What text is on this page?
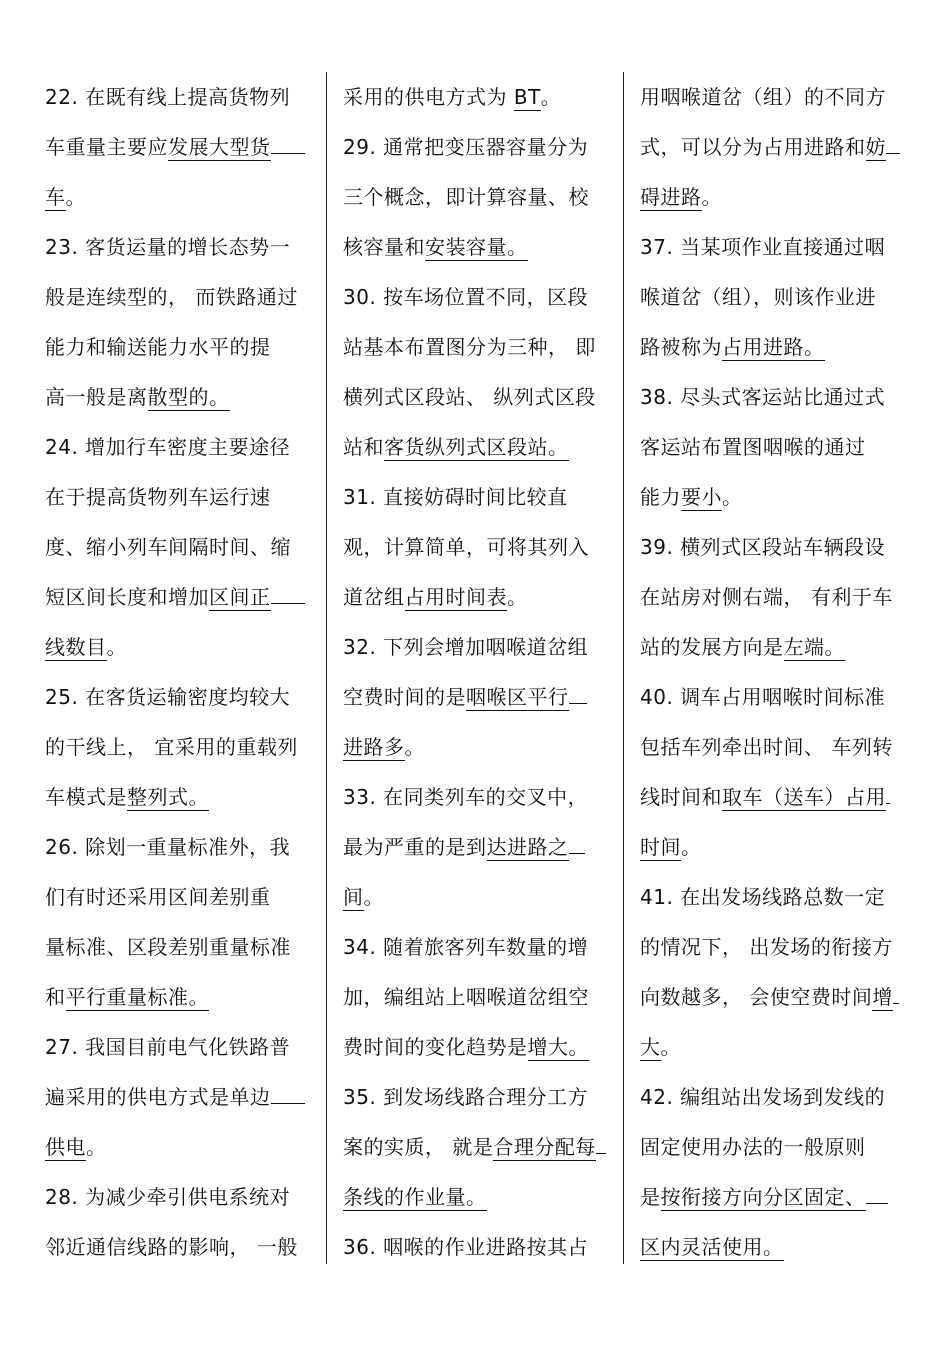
22. 在既有线上提高货物列
车重量主要应发展大型货
车。
23. 客货运量的增长态势一
般是连续型的， 而铁路通过
能力和输送能力水平的提
高一般是离散型的。
24. 增加行车密度主要途径
在于提高货物列车运行速
度、缩小列车间隔时间、缩
短区间长度和增加区间正
线数目。
25. 在客货运输密度均较大
的干线上， 宜采用的重载列
车模式是整列式。
26. 除划一重量标准外，我
们有时还采用区间差别重
量标准、区段差别重量标准
和平行重量标准。
27. 我国目前电气化铁路普
遍采用的供电方式是单边
供电。
28. 为减少牵引供电系统对
邻近通信线路的影响， 一般
采用的供电方式为 BT。
29. 通常把变压器容量分为
三个概念，即计算容量、校
核容量和安装容量。
30. 按车场位置不同，区段
站基本布置图分为三种， 即
横列式区段站、 纵列式区段
站和客货纵列式区段站。
31. 直接妨碍时间比较直
观，计算简单，可将其列入
道岔组占用时间表。
32. 下列会增加咽喉道岔组
空费时间的是咽喉区平行
进路多。
33. 在同类列车的交叉中，
最为严重的是到达进路之
间。
34. 随着旅客列车数量的增
加，编组站上咽喉道岔组空
费时间的变化趋势是增大。
35. 到发场线路合理分工方
案的实质， 就是合理分配每
条线的作业量。
36. 咽喉的作业进路按其占
用咽喉道岔（组）的不同方
式，可以分为占用进路和妨
碍进路。
37. 当某项作业直接通过咽
喉道岔（组），则该作业进
路被称为占用进路。
38. 尽头式客运站比通过式
客运站布置图咽喉的通过
能力要小。
39. 横列式区段站车辆段设
在站房对侧右端， 有利于车
站的发展方向是左端。
40. 调车占用咽喉时间标准
包括车列牵出时间、 车列转
线时间和取车（送车）占用
时间。
41. 在出发场线路总数一定
的情况下， 出发场的衔接方
向数越多， 会使空费时间增
大。
42. 编组站出发场到发线的
固定使用办法的一般原则
是按衔接方向分区固定、
区内灵活使用。
